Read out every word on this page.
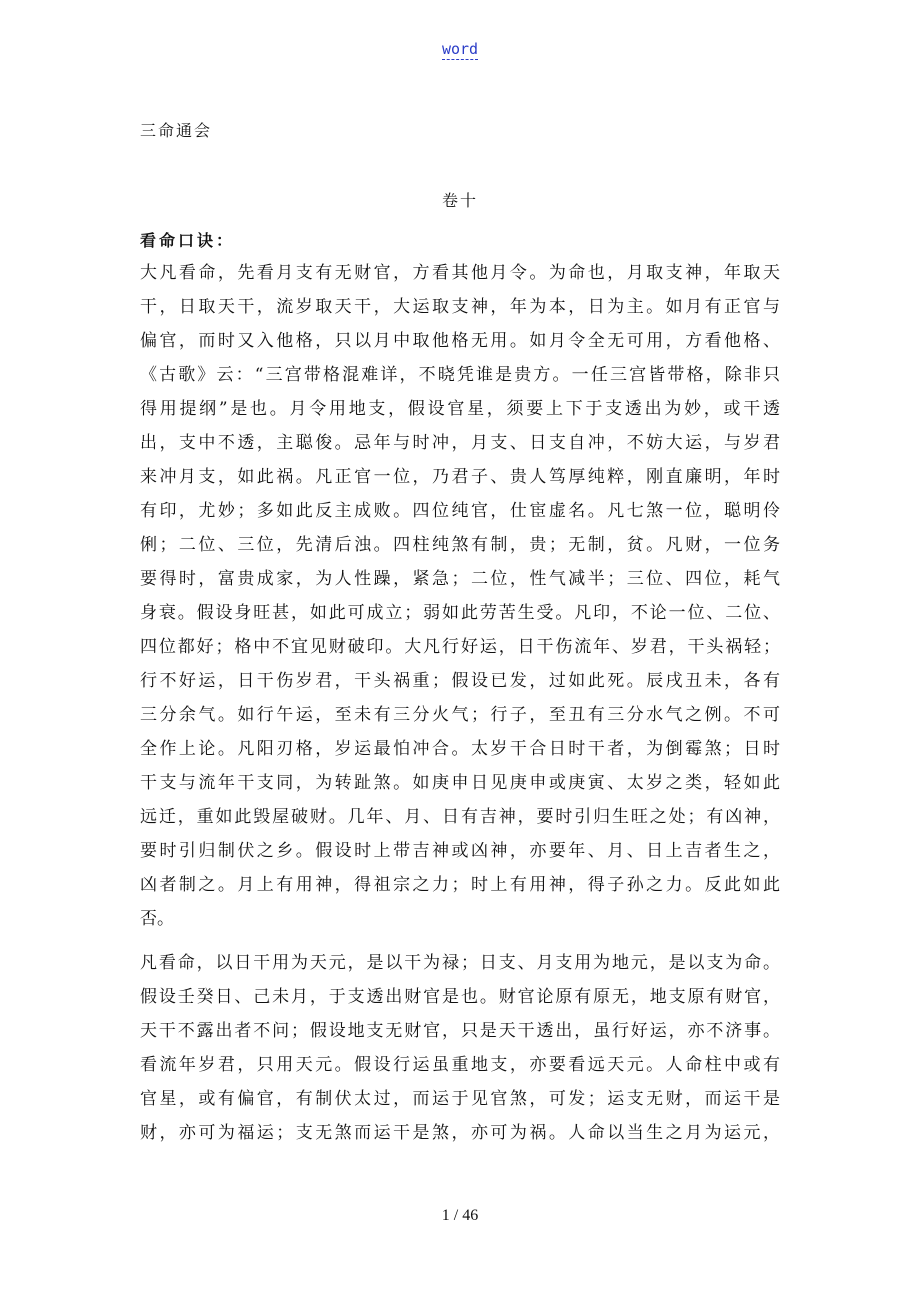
word
三命通会
卷十
看命口诀：
大凡看命，先看月支有无财官，方看其他月令。为命也，月取支神，年取天
干，日取天干，流岁取天干，大运取支神，年为本，日为主。如月有正官与
偏官，而时又入他格，只以月中取他格无用。如月令全无可用，方看他格、
《古歌》云：“三宫带格混难详，不晓凭谁是贵方。一任三宫皆带格，除非只
得用提纲”是也。月令用地支，假设官星，须要上下于支透出为妙，或干透
出，支中不透，主聪俊。忌年与时冲，月支、日支自冲，不妨大运，与岁君
来冲月支，如此祸。凡正官一位，乃君子、贵人笃厚纯粹，刚直廉明，年时
有印，尤妙；多如此反主成败。四位纯官，仕宦虚名。凡七煞一位，聪明伶
俐；二位、三位，先清后浊。四柱纯煞有制，贵；无制，贫。凡财，一位务
要得时，富贵成家，为人性躁，紧急；二位，性气减半；三位、四位，耗气
身衰。假设身旺甚，如此可成立；弱如此劳苦生受。凡印，不论一位、二位、
四位都好；格中不宜见财破印。大凡行好运，日干伤流年、岁君，干头祸轻；
行不好运，日干伤岁君，干头祸重；假设已发，过如此死。辰戌丑未，各有
三分余气。如行午运，至未有三分火气；行子，至丑有三分水气之例。不可
全作上论。凡阳刃格，岁运最怕冲合。太岁干合日时干者，为倒霉煞；日时
干支与流年干支同，为转趾煞。如庚申日见庚申或庚寅、太岁之类，轻如此
远迁，重如此毁屋破财。几年、月、日有吉神，要时引归生旺之处；有凶神，
要时引归制伏之乡。假设时上带吉神或凶神，亦要年、月、日上吉者生之，
凶者制之。月上有用神，得祖宗之力；时上有用神，得子孙之力。反此如此
否。
凡看命，以日干用为天元，是以干为禄；日支、月支用为地元，是以支为命。
假设壬癸日、己未月，于支透出财官是也。财官论原有原无，地支原有财官，
天干不露出者不问；假设地支无财官，只是天干透出，虽行好运，亦不济事。
看流年岁君，只用天元。假设行运虽重地支，亦要看远天元。人命柱中或有
官星，或有偏官，有制伏太过，而运于见官煞，可发；运支无财，而运干是
财，亦可为福运；支无煞而运干是煞，亦可为祸。人命以当生之月为运元，
1 / 46
